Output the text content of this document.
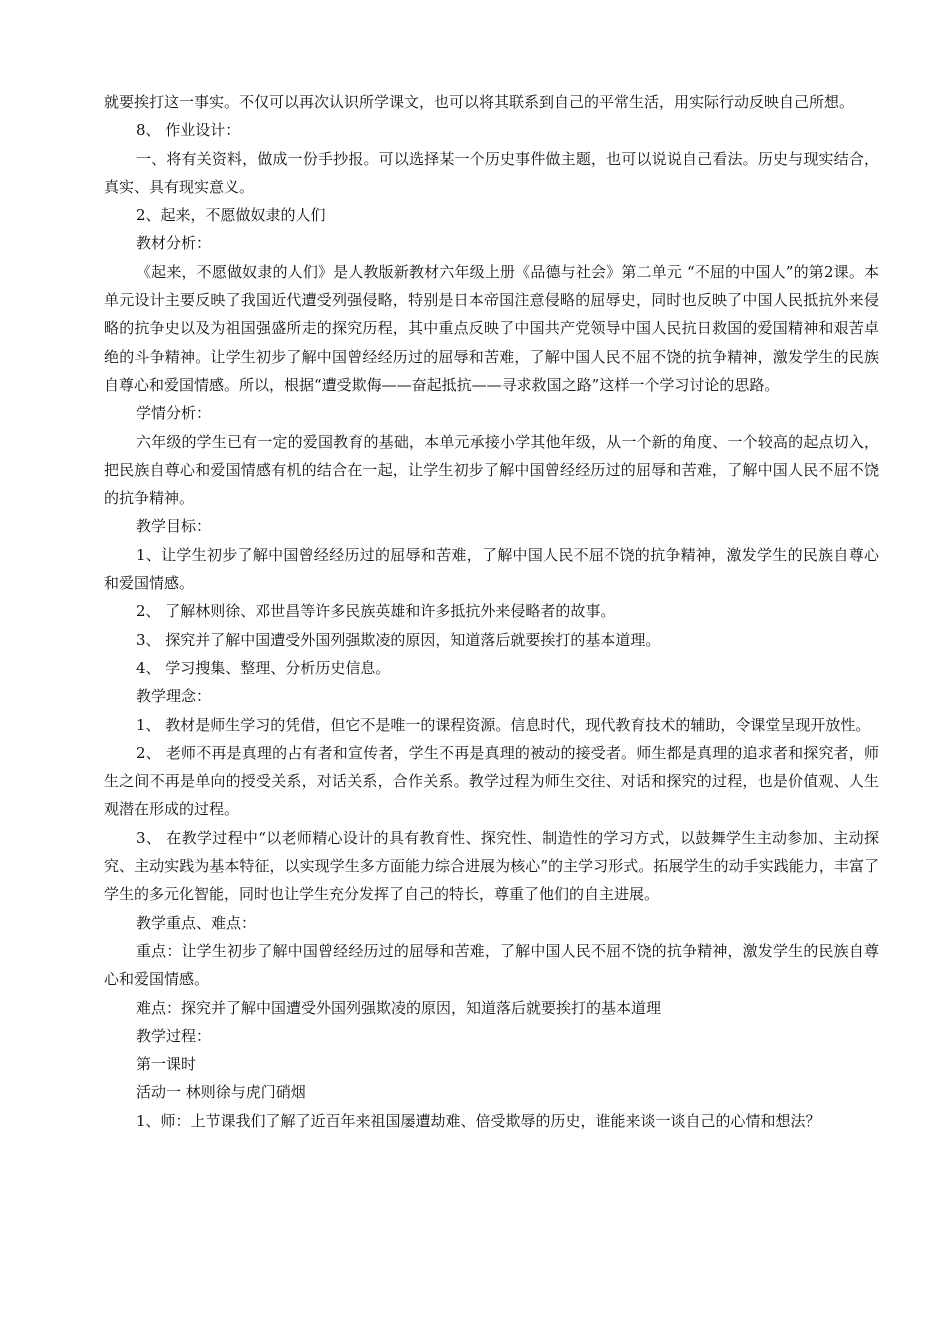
就要挨打这一事实。不仅可以再次认识所学课文，也可以将其联系到自己的平常生活，用实际行动反映自己所想。

8、 作业设计：

一、将有关资料，做成一份手抄报。可以选择某一个历史事件做主题，也可以说说自己看法。历史与现实结合，真实、具有现实意义。

2、起来，不愿做奴隶的人们

教材分析：

《起来，不愿做奴隶的人们》是人教版新教材六年级上册《品德与社会》第二单元 “不屈的中国人”的第2课。本单元设计主要反映了我国近代遭受列强侵略，特别是日本帝国注意侵略的屈辱史，同时也反映了中国人民抵抗外来侵略的抗争史以及为祖国强盛所走的探究历程，其中重点反映了中国共产党领导中国人民抗日救国的爱国精神和艰苦卓绝的斗争精神。让学生初步了解中国曾经经历过的屈辱和苦难，了解中国人民不屈不饶的抗争精神，激发学生的民族自尊心和爱国情感。所以，根据“遭受欺侮——奋起抵抗——寻求救国之路”这样一个学习讨论的思路。

学情分析：

六年级的学生已有一定的爱国教育的基础，本单元承接小学其他年级，从一个新的角度、一个较高的起点切入，把民族自尊心和爱国情感有机的结合在一起，让学生初步了解中国曾经经历过的屈辱和苦难，了解中国人民不屈不饶的抗争精神。

教学目标：

1、让学生初步了解中国曾经经历过的屈辱和苦难，了解中国人民不屈不饶的抗争精神，激发学生的民族自尊心和爱国情感。

2、 了解林则徐、邓世昌等许多民族英雄和许多抵抗外来侵略者的故事。

3、 探究并了解中国遭受外国列强欺凌的原因，知道落后就要挨打的基本道理。

4、 学习搜集、整理、分析历史信息。

教学理念：

1、 教材是师生学习的凭借，但它不是唯一的课程资源。信息时代，现代教育技术的辅助，令课堂呈现开放性。

2、 老师不再是真理的占有者和宣传者，学生不再是真理的被动的接受者。师生都是真理的追求者和探究者，师生之间不再是单向的授受关系，对话关系，合作关系。教学过程为师生交往、对话和探究的过程，也是价值观、人生观潜在形成的过程。

3、 在教学过程中“以老师精心设计的具有教育性、探究性、制造性的学习方式，以鼓舞学生主动参加、主动探究、主动实践为基本特征，以实现学生多方面能力综合进展为核心”的主学习形式。拓展学生的动手实践能力，丰富了学生的多元化智能，同时也让学生充分发挥了自己的特长，尊重了他们的自主进展。

教学重点、难点：

重点：让学生初步了解中国曾经经历过的屈辱和苦难，了解中国人民不屈不饶的抗争精神，激发学生的民族自尊心和爱国情感。

难点：探究并了解中国遭受外国列强欺凌的原因，知道落后就要挨打的基本道理

教学过程：

第一课时

活动一 林则徐与虎门硝烟

1、师：上节课我们了解了近百年来祖国屡遭劫难、倍受欺辱的历史，谁能来谈一谈自己的心情和想法？
